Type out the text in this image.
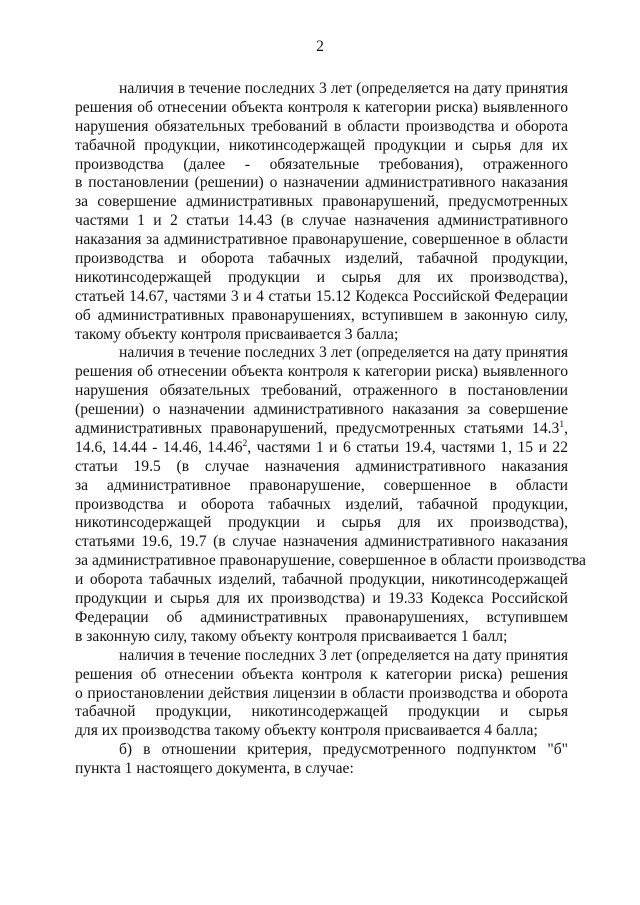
2
наличия в течение последних 3 лет (определяется на дату принятия
решения об отнесении объекта контроля к категории риска) выявленного
нарушения обязательных требований в области производства и оборота
табачной продукции, никотинсодержащей продукции и сырья для их
производства (далее - обязательные требования), отраженного
в постановлении (решении) о назначении административного наказания
за совершение административных правонарушений, предусмотренных
частями 1 и 2 статьи 14.43 (в случае назначения административного
наказания за административное правонарушение, совершенное в области
производства и оборота табачных изделий, табачной продукции,
никотинсодержащей продукции и сырья для их производства),
статьей 14.67, частями 3 и 4 статьи 15.12 Кодекса Российской Федерации
об административных правонарушениях, вступившем в законную силу,
такому объекту контроля присваивается 3 балла;
наличия в течение последних 3 лет (определяется на дату принятия
решения об отнесении объекта контроля к категории риска) выявленного
нарушения обязательных требований, отраженного в постановлении
(решении) о назначении административного наказания за совершение
административных правонарушений, предусмотренных статьями 14.3$^1$,
14.6, 14.44 - 14.46, 14.46$^2$, частями 1 и 6 статьи 19.4, частями 1, 15 и 22
статьи 19.5 (в случае назначения административного наказания
за административное правонарушение, совершенное в области
производства и оборота табачных изделий, табачной продукции,
никотинсодержащей продукции и сырья для их производства),
статьями 19.6, 19.7 (в случае назначения административного наказания
за административное правонарушение, совершенное в области производства
и оборота табачных изделий, табачной продукции, никотинсодержащей
продукции и сырья для их производства) и 19.33 Кодекса Российской
Федерации об административных правонарушениях, вступившем
в законную силу, такому объекту контроля присваивается 1 балл;
наличия в течение последних 3 лет (определяется на дату принятия
решения об отнесении объекта контроля к категории риска) решения
о приостановлении действия лицензии в области производства и оборота
табачной продукции, никотинсодержащей продукции и сырья
для их производства такому объекту контроля присваивается 4 балла;
б) в отношении критерия, предусмотренного подпунктом "б"
пункта 1 настоящего документа, в случае:
